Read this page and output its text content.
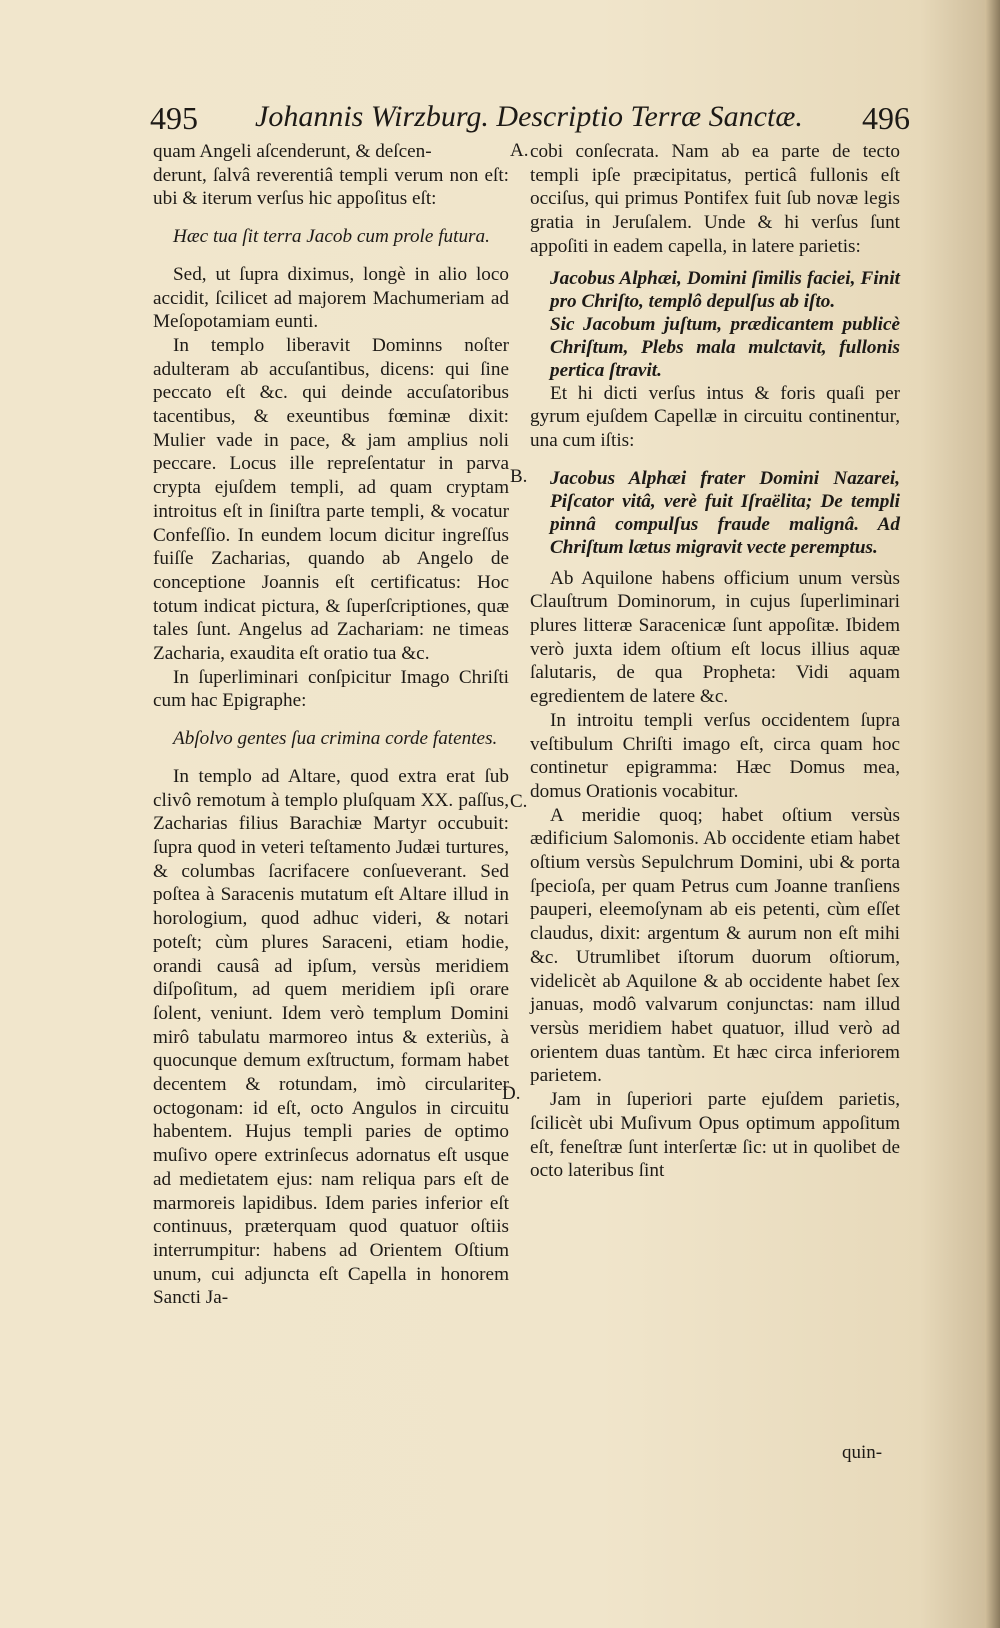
495 Johannis Wirzburg. Descriptio Terræ Sanctæ. 496

quam Angeli aſcenderunt, & deſcen-

derunt, ſalvâ reverentiâ templi verum non eſt: ubi & iterum verſus hic appoſitus eſt:

Hæc tua ſit terra Jacob cum prole futura.

Sed, ut ſupra diximus, longè in alio loco accidit, ſcilicet ad majorem Machumeriam ad Meſopotamiam eunti.

In templo liberavit Dominns noſter adulteram ab accuſantibus, dicens: qui ſine peccato eſt &c. qui deinde accuſatoribus tacentibus, & exeuntibus fœminæ dixit: Mulier vade in pace, & jam amplius noli peccare. Locus ille repreſentatur in parva crypta ejuſdem templi, ad quam cryptam introitus eſt in ſiniſtra parte templi, & vocatur Confeſſio. In eundem locum dicitur ingreſſus fuiſſe Zacharias, quando ab Angelo de conceptione Joannis eſt certificatus: Hoc totum indicat pictura, & ſuperſcriptiones, quæ tales ſunt. Angelus ad Zachariam: ne timeas Zacharia, exaudita eſt oratio tua &c.

In ſuperliminari conſpicitur Imago Chriſti cum hac Epigraphe:

Abſolvo gentes ſua crimina corde fatentes.

In templo ad Altare, quod extra erat ſub clivô remotum à templo pluſquam XX. paſſus, Zacharias filius Barachiæ Martyr occubuit: ſupra quod in veteri teſtamento Judæi turtures, & columbas ſacrifacere conſueverant. Sed poſtea à Saracenis mutatum eſt Altare illud in horologium, quod adhuc videri, & notari poteſt; cùm plures Saraceni, etiam hodie, orandi causâ ad ipſum, versùs meridiem diſpoſitum, ad quem meridiem ipſi orare ſolent, veniunt. Idem verò templum Domini mirô tabulatu marmoreo intus & exteriùs, à quocunque demum exſtructum, formam habet decentem & rotundam, imò circulariter octogonam: id eſt, octo Angulos in circuitu habentem. Hujus templi paries de optimo muſivo opere extrinſecus adornatus eſt usque ad medietatem ejus: nam reliqua pars eſt de marmoreis lapidibus. Idem paries inferior eſt continuus, præterquam quod quatuor oſtiis interrumpitur: habens ad Orientem Oſtium unum, cui adjuncta eſt Capella in honorem Sancti Ja-

cobi conſecrata. Nam ab ea parte de tecto templi ipſe præcipitatus, perticâ fullonis eſt occiſus, qui primus Pontifex fuit ſub novæ legis gratia in Jeruſalem. Unde & hi verſus ſunt appoſiti in eadem capella, in latere parietis:

Jacobus Alphæi, Domini ſimilis faciei, Finit pro Chriſto, templô depulſus ab iſto.

Sic Jacobum juſtum, prædicantem publicè Chriſtum, Plebs mala mulctavit, fullonis pertica ſtravit.

Et hi dicti verſus intus & foris quaſi per gyrum ejuſdem Capellæ in circuitu continentur, una cum iſtis:

Jacobus Alphæi frater Domini Nazarei, Piſcator vitâ, verè fuit Iſraëlita; De templi pinnâ compulſus fraude malignâ. Ad Chriſtum lætus migravit vecte peremptus.

Ab Aquilone habens officium unum versùs Clauſtrum Dominorum, in cujus ſuperliminari plures litteræ Saracenicæ ſunt appoſitæ. Ibidem verò juxta idem oſtium eſt locus illius aquæ ſalutaris, de qua Propheta: Vidi aquam egredientem de latere &c.

In introitu templi verſus occidentem ſupra veſtibulum Chriſti imago eſt, circa quam hoc continetur epigramma: Hæc Domus mea, domus Orationis vocabitur.

A meridie quoq; habet oſtium versùs ædificium Salomonis. Ab occidente etiam habet oſtium versùs Sepulchrum Domini, ubi & porta ſpecioſa, per quam Petrus cum Joanne tranſiens pauperi, eleemoſynam ab eis petenti, cùm eſſet claudus, dixit: argentum & aurum non eſt mihi &c. Utrumlibet iſtorum duorum oſtiorum, videlicèt ab Aquilone & ab occidente habet ſex januas, modô valvarum conjunctas: nam illud versùs meridiem habet quatuor, illud verò ad orientem duas tantùm. Et hæc circa inferiorem parietem.

Jam in ſuperiori parte ejuſdem parietis, ſcilicèt ubi Muſivum Opus optimum appoſitum eſt, feneſtræ ſunt interſertæ ſic: ut in quolibet de octo lateribus ſint

A.
B.
C.
D.
quin-
